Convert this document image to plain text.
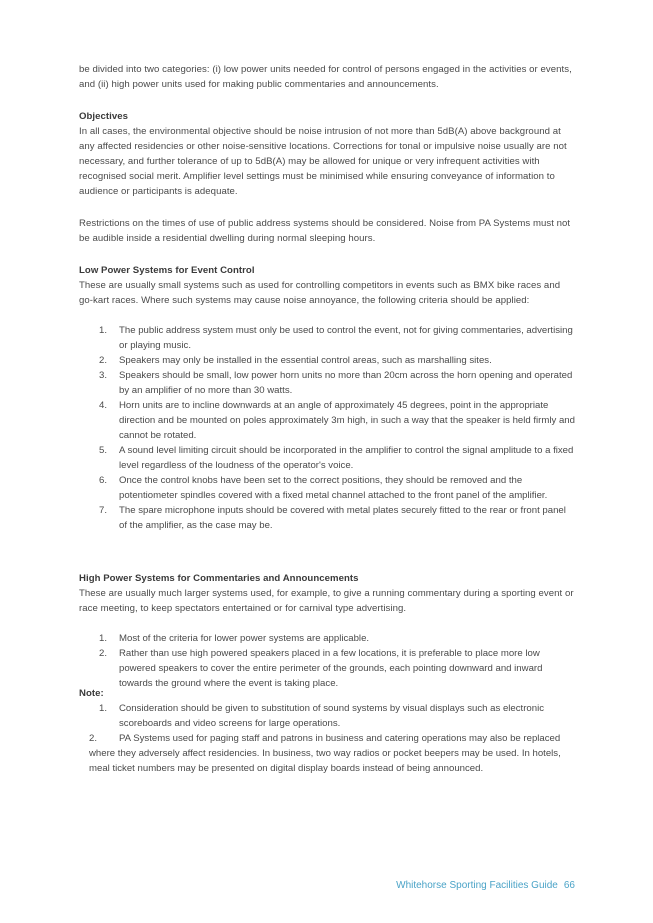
be divided into two categories: (i) low power units needed for control of persons engaged in the activities or events, and (ii) high power units used for making public commentaries and announcements.
Objectives
In all cases, the environmental objective should be noise intrusion of not more than 5dB(A) above background at any affected residencies or other noise-sensitive locations. Corrections for tonal or impulsive noise usually are not necessary, and further tolerance of up to 5dB(A) may be allowed for unique or very infrequent activities with recognised social merit. Amplifier level settings must be minimised while ensuring conveyance of information to audience or participants is adequate.
Restrictions on the times of use of public address systems should be considered. Noise from PA Systems must not be audible inside a residential dwelling during normal sleeping hours.
Low Power Systems for Event Control
These are usually small systems such as used for controlling competitors in events such as BMX bike races and go-kart races. Where such systems may cause noise annoyance, the following criteria should be applied:
1.	The public address system must only be used to control the event, not for giving commentaries, advertising or playing music.
2.	Speakers may only be installed in the essential control areas, such as marshalling sites.
3.	Speakers should be small, low power horn units no more than 20cm across the horn opening and operated by an amplifier of no more than 30 watts.
4.	Horn units are to incline downwards at an angle of approximately 45 degrees, point in the appropriate direction and be mounted on poles approximately 3m high, in such a way that the speaker is held firmly and cannot be rotated.
5.	A sound level limiting circuit should be incorporated in the amplifier to control the signal amplitude to a fixed level regardless of the loudness of the operator's voice.
6.	Once the control knobs have been set to the correct positions, they should be removed and the potentiometer spindles covered with a fixed metal channel attached to the front panel of the amplifier.
7.	The spare microphone inputs should be covered with metal plates securely fitted to the rear or front panel of the amplifier, as the case may be.
High Power Systems for Commentaries and Announcements
These are usually much larger systems used, for example, to give a running commentary during a sporting event or race meeting, to keep spectators entertained or for carnival type advertising.
1.	Most of the criteria for lower power systems are applicable.
2.	Rather than use high powered speakers placed in a few locations, it is preferable to place more low powered speakers to cover the entire perimeter of the grounds, each pointing downward and inward towards the ground where the event is taking place.
Note:
1. Consideration should be given to substitution of sound systems by visual displays such as electronic scoreboards and video screens for large operations.
2. PA Systems used for paging staff and patrons in business and catering operations may also be replaced where they adversely affect residencies. In business, two way radios or pocket beepers may be used. In hotels, meal ticket numbers may be presented on digital display boards instead of being announced.
Whitehorse Sporting Facilities Guide 66
